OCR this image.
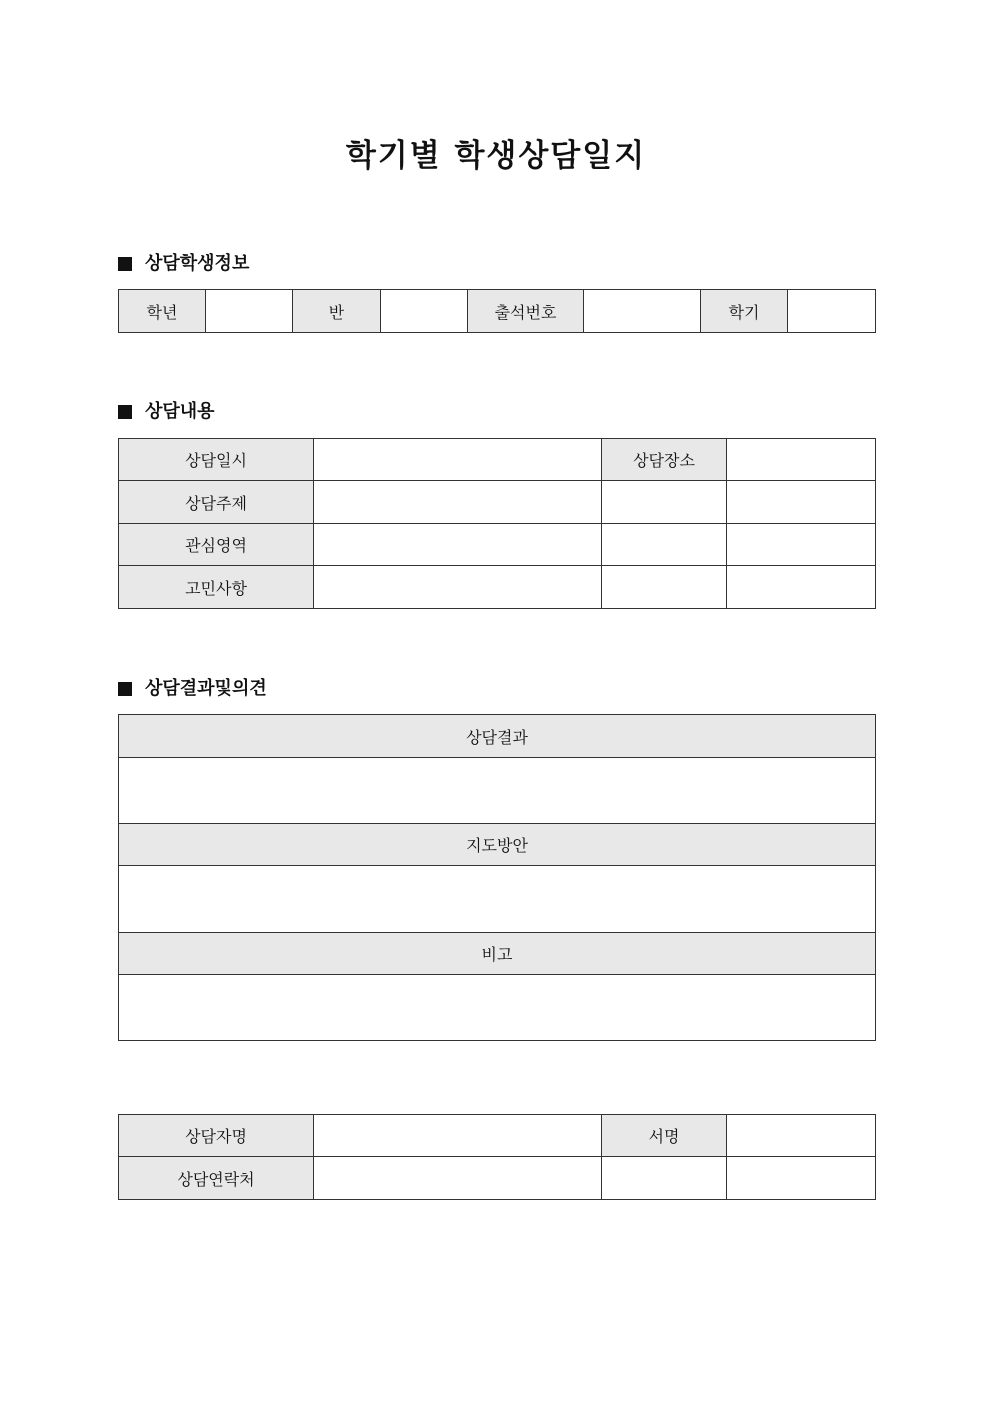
학기별 학생상담일지
상담학생정보
학년		반		출석번호		학기	
상담내용
상담일시		상담장소	
상담주제			
관심영역			
고민사항			
상담결과및의견
상담결과

지도방안

비고

상담자명		서명	
상담연락처			
